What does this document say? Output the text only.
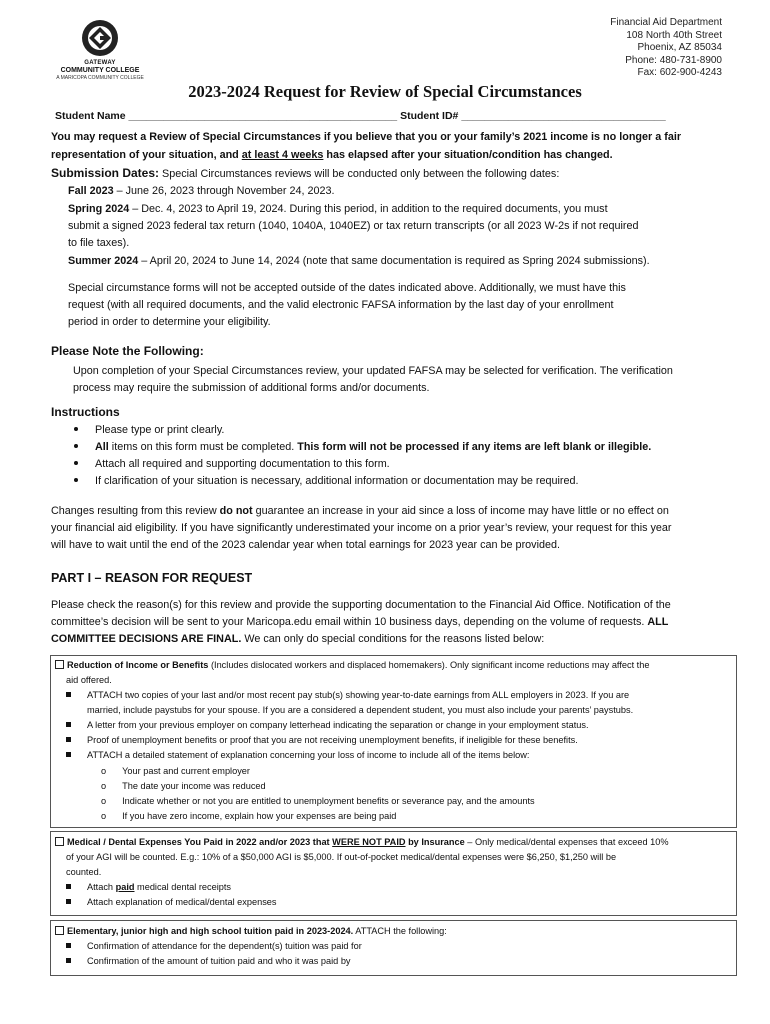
GATEWAY
COMMUNITY COLLEGE
A MARICOPA COMMUNITY COLLEGE
Financial Aid Department
108 North 40th Street
Phoenix, AZ 85034
Phone: 480-731-8900
Fax: 602-900-4243
2023-2024 Request for Review of Special Circumstances
Student Name ______________________________________________ Student ID# ___________________________________
You may request a Review of Special Circumstances if you believe that you or your family’s 2021 income is no longer a fair
representation of your situation, and at least 4 weeks has elapsed after your situation/condition has changed.
Submission Dates: Special Circumstances reviews will be conducted only between the following dates:
Fall 2023 – June 26, 2023 through November 24, 2023.
Spring 2024 – Dec. 4, 2023 to April 19, 2024. During this period, in addition to the required documents, you must
submit a signed 2023 federal tax return (1040, 1040A, 1040EZ) or tax return transcripts (or all 2023 W-2s if not required
to file taxes).
Summer 2024 – April 20, 2024 to June 14, 2024 (note that same documentation is required as Spring 2024 submissions).
Special circumstance forms will not be accepted outside of the dates indicated above. Additionally, we must have this
request (with all required documents, and the valid electronic FAFSA information by the last day of your enrollment
period in order to determine your eligibility.
Please Note the Following:
Upon completion of your Special Circumstances review, your updated FAFSA may be selected for verification. The verification
process may require the submission of additional forms and/or documents.
Instructions
Please type or print clearly.
All items on this form must be completed. This form will not be processed if any items are left blank or illegible.
Attach all required and supporting documentation to this form.
If clarification of your situation is necessary, additional information or documentation may be required.
Changes resulting from this review do not guarantee an increase in your aid since a loss of income may have little or no effect on
your financial aid eligibility. If you have significantly underestimated your income on a prior year’s review, your request for this year
will have to wait until the end of the 2023 calendar year when total earnings for 2023 year can be provided.
PART I – REASON FOR REQUEST
Please check the reason(s) for this review and provide the supporting documentation to the Financial Aid Office. Notification of the
committee’s decision will be sent to your Maricopa.edu email within 10 business days, depending on the volume of requests. ALL
COMMITTEE DECISIONS ARE FINAL. We can only do special conditions for the reasons listed below:
Reduction of Income or Benefits (Includes dislocated workers and displaced homemakers). Only significant income reductions may affect the
aid offered.
ATTACH two copies of your last and/or most recent pay stub(s) showing year-to-date earnings from ALL employers in 2023. If you are
married, include paystubs for your spouse. If you are a considered a dependent student, you must also include your parents’ paystubs.
A letter from your previous employer on company letterhead indicating the separation or change in your employment status.
Proof of unemployment benefits or proof that you are not receiving unemployment benefits, if ineligible for these benefits.
ATTACH a detailed statement of explanation concerning your loss of income to include all of the items below:
o Your past and current employer
o The date your income was reduced
o Indicate whether or not you are entitled to unemployment benefits or severance pay, and the amounts
o If you have zero income, explain how your expenses are being paid
Medical / Dental Expenses You Paid in 2022 and/or 2023 that WERE NOT PAID by Insurance – Only medical/dental expenses that exceed 10%
of your AGI will be counted. E.g.: 10% of a $50,000 AGI is $5,000. If out-of-pocket medical/dental expenses were $6,250, $1,250 will be
counted.
Attach paid medical dental receipts
Attach explanation of medical/dental expenses
Elementary, junior high and high school tuition paid in 2023-2024. ATTACH the following:
Confirmation of attendance for the dependent(s) tuition was paid for
Confirmation of the amount of tuition paid and who it was paid by
